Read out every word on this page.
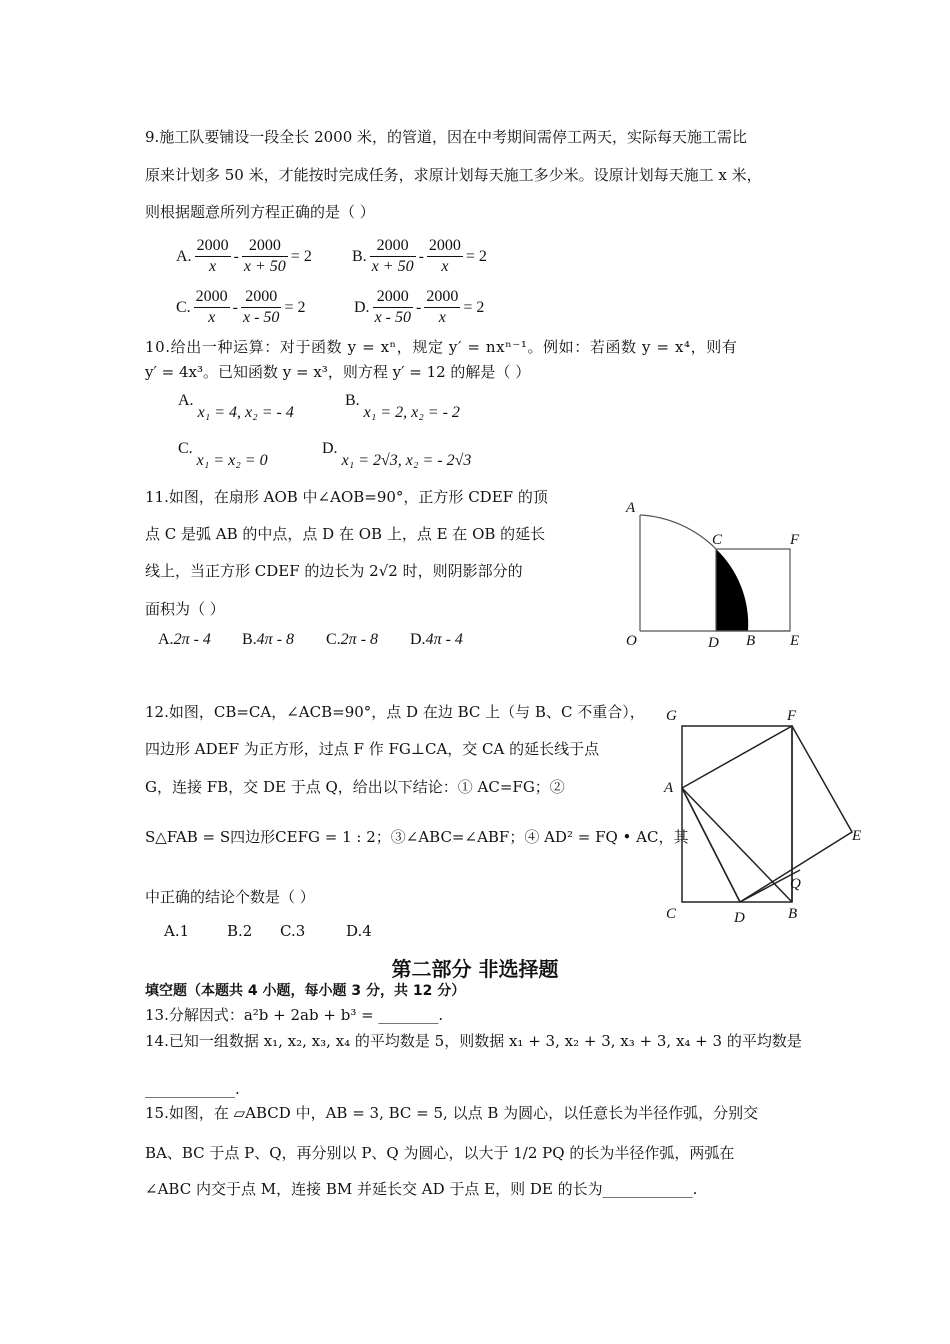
9.施工队要铺设一段全长 2000 米，的管道，因在中考期间需停工两天，实际每天施工需比
原来计划多 50 米，才能按时完成任务，求原计划每天施工多少米。设原计划每天施工 x 米，
则根据题意所列方程正确的是（ ）
A. $\frac{2000}{x} - \frac{2000}{x + 50} = 2$	B. $\frac{2000}{x + 50} - \frac{2000}{x} = 2$
C. $\frac{2000}{x} - \frac{2000}{x - 50} = 2$	D. $\frac{2000}{x - 50} - \frac{2000}{x} = 2$
10.给出一种运算：对于函数 y = xⁿ，规定 y′ = nxⁿ⁻¹。例如：若函数 y = x⁴，则有
y′ = 4x³。已知函数 y = x³，则方程 y′ = 12 的解是（ ）
A. x₁ = 4, x₂ = - 4
B. x₁ = 2, x₂ = - 2
C. x₁ = x₂ = 0
D. x₁ = 2√3, x₂ = - 2√3
11.如图，在扇形 AOB 中∠AOB=90°，正方形 CDEF 的顶
点 C 是弧 AB 的中点，点 D 在 OB 上，点 E 在 OB 的延长
线上，当正方形 CDEF 的边长为 2√2 时，则阴影部分的
面积为（ ）
A.2π - 4 B.4π - 8 C.2π - 8 D.4π - 4
A
C	F
O	D B E
12.如图，CB=CA，∠ACB=90°，点 D 在边 BC 上（与 B、C 不重合），
四边形 ADEF 为正方形，过点 F 作 FG⊥CA，交 CA 的延长线于点
G，连接 FB，交 DE 于点 Q，给出以下结论：① AC=FG；②
S△FAB = S四边形CEFG = 1 : 2；③∠ABC=∠ABF；④ AD² = FQ • AC，其
中正确的结论个数是（ ）
A.1	B.2 C.3	D.4
G	F
A
E
Q
C	D	B
第二部分 非选择题
填空题（本题共 4 小题，每小题 3 分，共 12 分）
13.分解因式：a²b + 2ab + b³ = ________.
14.已知一组数据 x₁, x₂, x₃, x₄ 的平均数是 5，则数据 x₁ + 3, x₂ + 3, x₃ + 3, x₄ + 3 的平均数是
____________.
15.如图，在 ▱ABCD 中，AB = 3, BC = 5, 以点 B 为圆心，以任意长为半径作弧，分别交
BA、BC 于点 P、Q，再分别以 P、Q 为圆心，以大于 1/2 PQ 的长为半径作弧，两弧在
∠ABC 内交于点 M，连接 BM 并延长交 AD 于点 E，则 DE 的长为____________.
